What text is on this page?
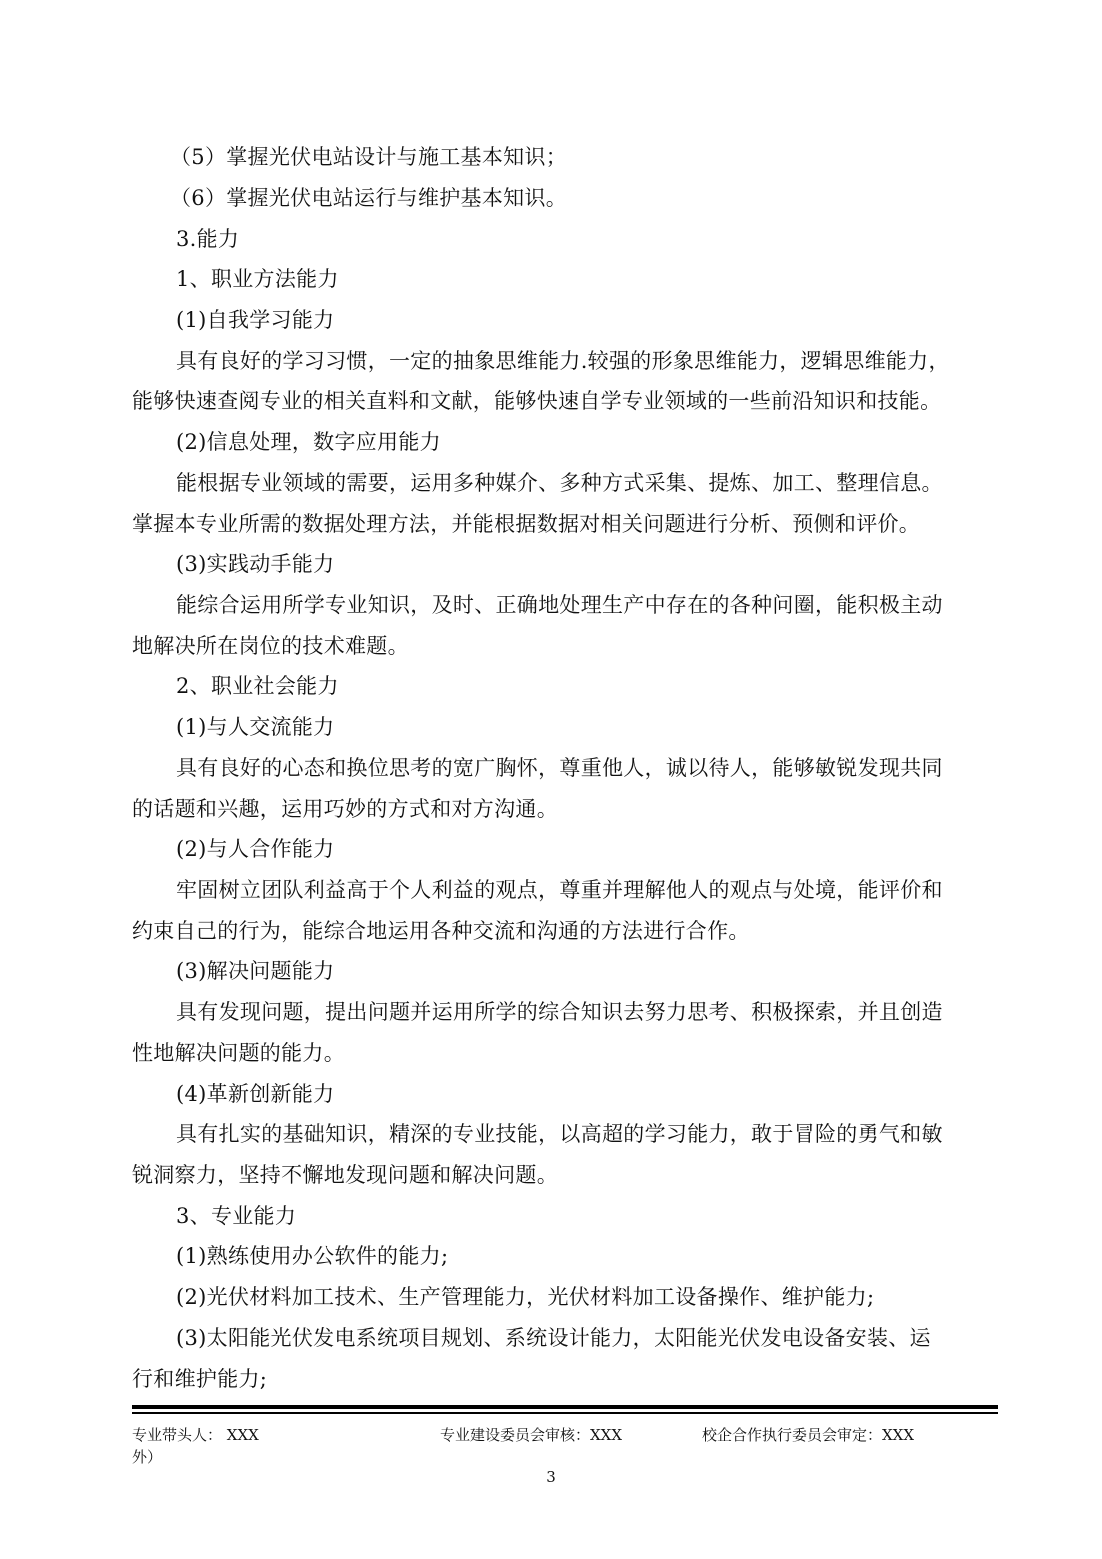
（5）掌握光伏电站设计与施工基本知识；
（6）掌握光伏电站运行与维护基本知识。
3.能力
1、职业方法能力
(1)自我学习能力
具有良好的学习习惯，一定的抽象思维能力.较强的形象思维能力，逻辑思维能力，
能够快速查阅专业的相关直料和文献，能够快速自学专业领域的一些前沿知识和技能。
(2)信息处理，数字应用能力
能根据专业领域的需要，运用多种媒介、多种方式采集、提炼、加工、整理信息。
掌握本专业所需的数据处理方法，并能根据数据对相关问题进行分析、预侧和评价。
(3)实践动手能力
能综合运用所学专业知识，及时、正确地处理生产中存在的各种问圈，能积极主动
地解决所在岗位的技术难题。
2、职业社会能力
(1)与人交流能力
具有良好的心态和换位思考的宽广胸怀，尊重他人，诚以待人，能够敏锐发现共同
的话题和兴趣，运用巧妙的方式和对方沟通。
(2)与人合作能力
牢固树立团队利益高于个人利益的观点，尊重并理解他人的观点与处境，能评价和
约束自己的行为，能综合地运用各种交流和沟通的方法进行合作。
(3)解决问题能力
具有发现问题，提出问题并运用所学的综合知识去努力思考、积极探索，并且创造
性地解决问题的能力。
(4)革新创新能力
具有扎实的基础知识，精深的专业技能，以高超的学习能力，敢于冒险的勇气和敏
锐洞察力，坚持不懈地发现问题和解决问题。
3、专业能力
(1)熟练使用办公软件的能力;
(2)光伏材料加工技术、生产管理能力，光伏材料加工设备操作、维护能力;
(3)太阳能光伏发电系统项目规划、系统设计能力，太阳能光伏发电设备安装、运
行和维护能力;
专业带头人： XXX
外）
专业建设委员会审核：XXX	校企合作执行委员会审定：XXX
3
